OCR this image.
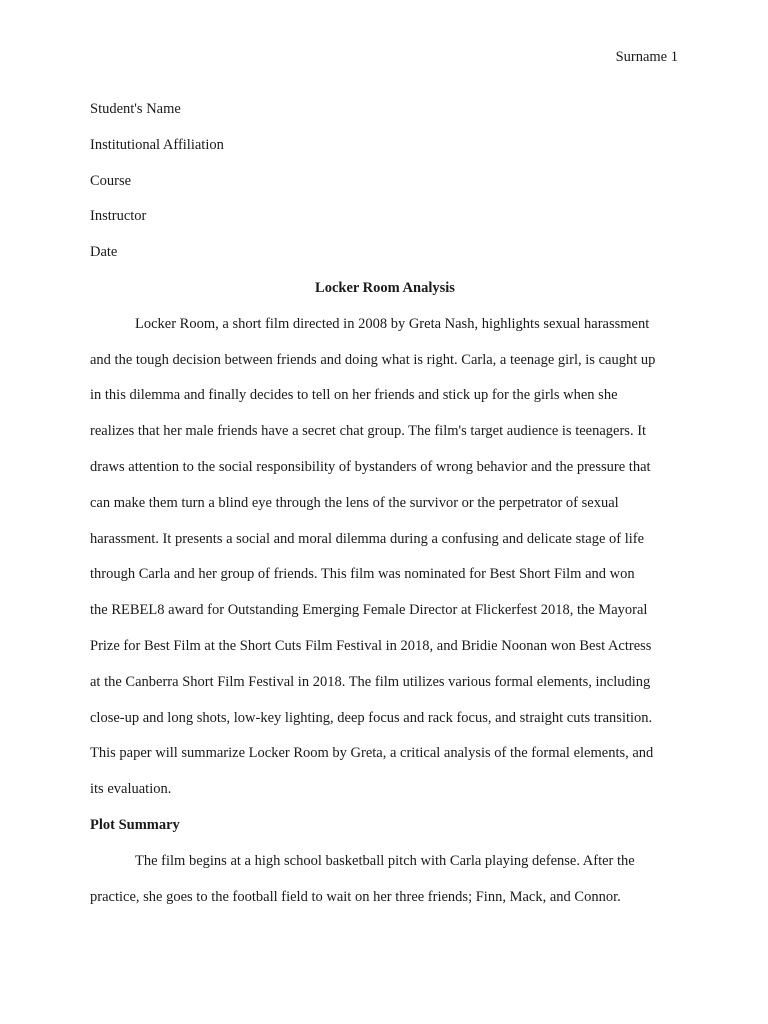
Surname 1

Student's Name

Institutional Affiliation

Course

Instructor

Date

Locker Room Analysis

Locker Room, a short film directed in 2008 by Greta Nash, highlights sexual harassment
and the tough decision between friends and doing what is right. Carla, a teenage girl, is caught up
in this dilemma and finally decides to tell on her friends and stick up for the girls when she
realizes that her male friends have a secret chat group. The film's target audience is teenagers. It
draws attention to the social responsibility of bystanders of wrong behavior and the pressure that
can make them turn a blind eye through the lens of the survivor or the perpetrator of sexual
harassment. It presents a social and moral dilemma during a confusing and delicate stage of life
through Carla and her group of friends. This film was nominated for Best Short Film and won
the REBEL8 award for Outstanding Emerging Female Director at Flickerfest 2018, the Mayoral
Prize for Best Film at the Short Cuts Film Festival in 2018, and Bridie Noonan won Best Actress
at the Canberra Short Film Festival in 2018. The film utilizes various formal elements, including
close-up and long shots, low-key lighting, deep focus and rack focus, and straight cuts transition.
This paper will summarize Locker Room by Greta, a critical analysis of the formal elements, and
its evaluation.

Plot Summary

The film begins at a high school basketball pitch with Carla playing defense. After the
practice, she goes to the football field to wait on her three friends; Finn, Mack, and Connor.
